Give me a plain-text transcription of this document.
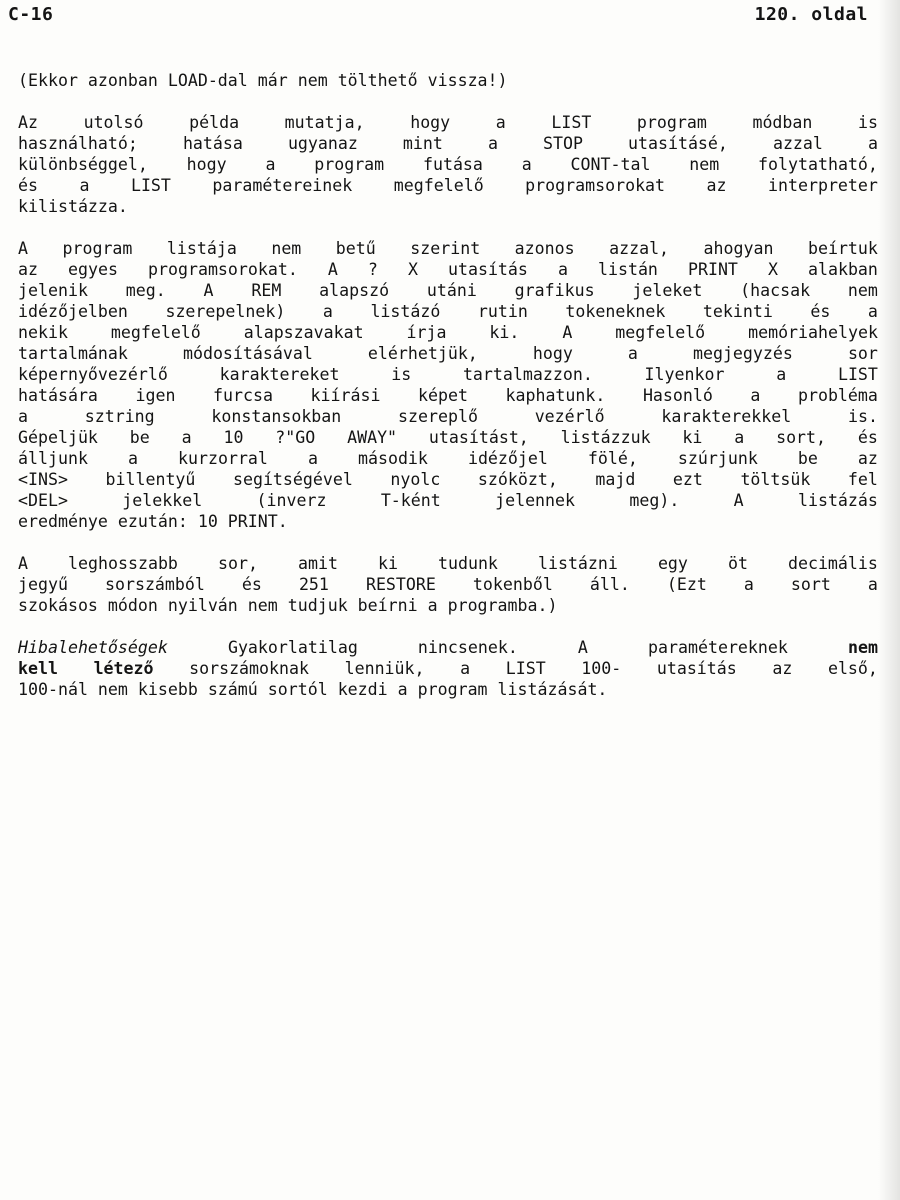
C-16	120. oldal
(Ekkor azonban LOAD-dal már nem tölthető vissza!)
Az	utolsó	példa	mutatja,	hogy	a	LIST	program	módban	is
használható;	hatása	ugyanaz	mint	a	STOP	utasításé,	azzal	a
különbséggel, hogy a program futása a CONT-tal nem folytatható,
és a LIST paramétereinek megfelelő programsorokat az interpreter
kilistázza.
A program listája nem betű szerint azonos azzal, ahogyan beírtuk
az egyes programsorokat. A ? X utasítás a listán PRINT X alakban
jelenik meg. A REM alapszó utáni grafikus jeleket (hacsak nem
idézőjelben szerepelnek) a listázó rutin tokeneknek tekinti és a
nekik	megfelelő	alapszavakat	írja	ki.	A	megfelelő	memóriahelyek
tartalmának	módosításával	elérhetjük,	hogy	a	megjegyzés	sor
képernyővezérlő	karaktereket	is	tartalmazzon.	Ilyenkor	a	LIST
hatására igen furcsa kiírási képet kaphatunk. Hasonló a probléma
a	sztring	konstansokban	szereplő	vezérlő	karakterekkel	is.
Gépeljük be a 10 ?"GO AWAY" utasítást, listázzuk ki a sort, és
álljunk a kurzorral a második idézőjel fölé, szúrjunk be az
<INS> billentyű segítségével nyolc szóközt, majd ezt töltsük fel
<DEL>	jelekkel	(inverz	T-ként	jelennek	meg).	A	listázás
eredménye ezután: 10 PRINT.
A leghosszabb sor, amit ki tudunk listázni egy öt decimális
jegyű sorszámból és 251 RESTORE tokenből áll. (Ezt a sort a
szokásos módon nyilván nem tudjuk beírni a programba.)
Hibalehetőségek	Gyakorlatilag	nincsenek.	A	paramétereknek	nem
kell létező sorszámoknak lenniük, a LIST 100- utasítás az első,
100-nál nem kisebb számú sortól kezdi a program listázását.
